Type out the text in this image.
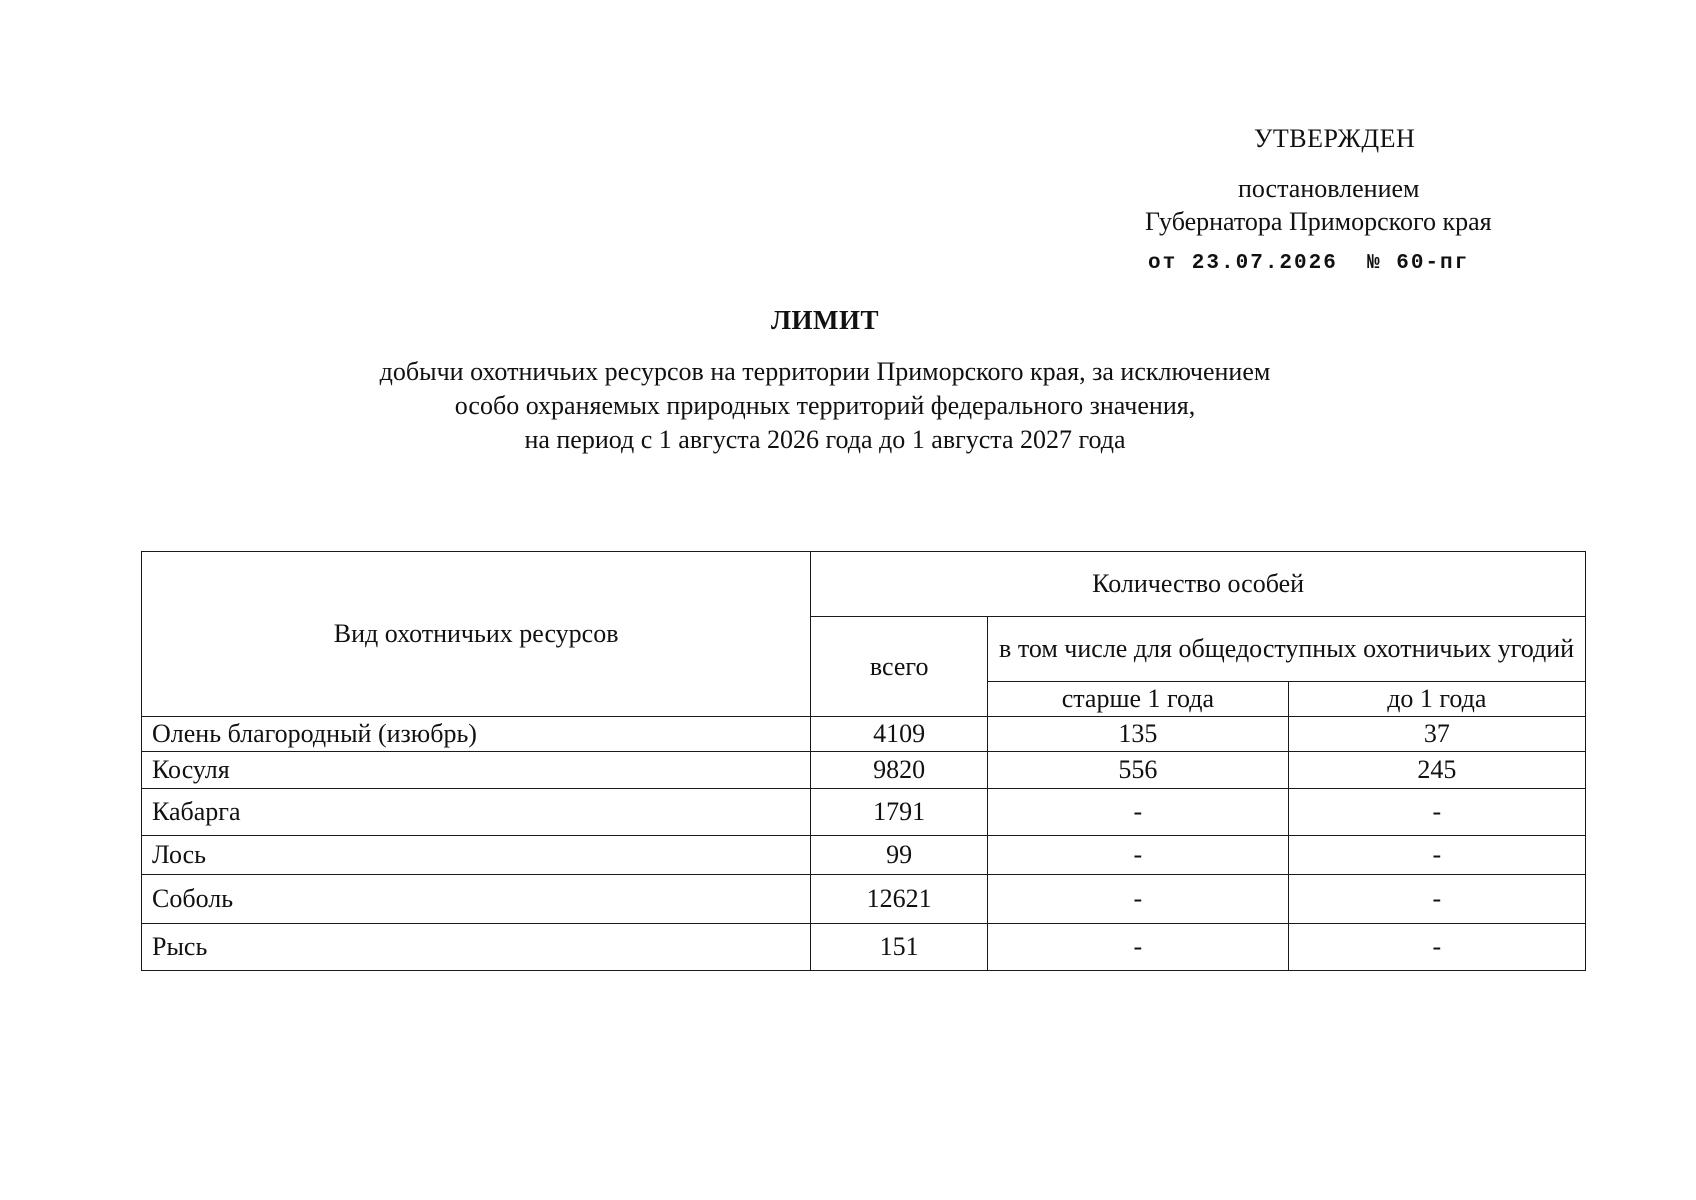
УТВЕРЖДЕН
постановлением
Губернатора Приморского края
от 23.07.2026  № 60-пг
ЛИМИТ
добычи охотничьих ресурсов на территории Приморского края, за исключением
особо охраняемых природных территорий федерального значения,
на период с 1 августа 2026 года до 1 августа 2027 года
Вид охотничьих ресурсов	Количество особей		
	всего	в том числе для общедоступных охотничьих угодий	
		старше 1 года	до 1 года
Олень благородный (изюбрь)	4109	135	37
Косуля	9820	556	245
Кабарга	1791	-	-
Лось	99	-	-
Соболь	12621	-	-
Рысь	151	-	-
